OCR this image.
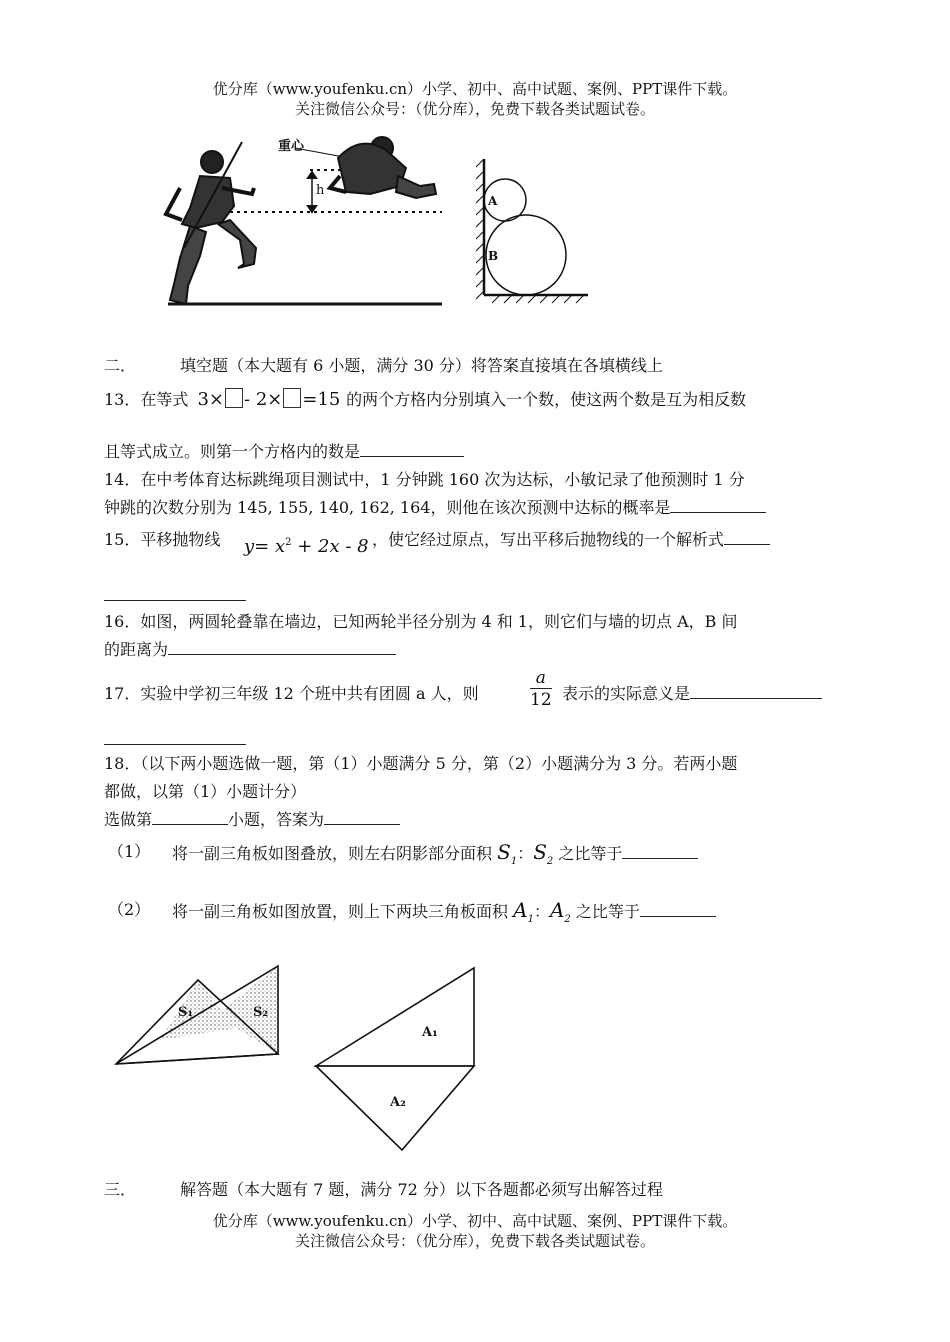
优分库（www.youfenku.cn）小学、初中、高中试题、案例、PPT课件下载。
关注微信公众号：（优分库），免费下载各类试题试卷。
重心
h
A
B
二．	填空题（本大题有 6 小题，满分 30 分）将答案直接填在各填横线上
13．在等式 3× - 2× =15 的两个方格内分别填入一个数，使这两个数是互为相反数
且等式成立。则第一个方格内的数是
14．在中考体育达标跳绳项目测试中，1 分钟跳 160 次为达标，小敏记录了他预测时 1 分
钟跳的次数分别为 145, 155, 140, 162, 164，则他在该次预测中达标的概率是
15．平移抛物线 $y= x^2 + 2x - 8$ ，使它经过原点，写出平移后抛物线的一个解析式
16．如图，两圆轮叠靠在墙边，已知两轮半径分别为 4 和 1，则它们与墙的切点 A，B 间
的距离为
17．实验中学初三年级 12 个班中共有团圆 a 人，则	$\frac{a}{12}$ 表示的实际意义是
18．（以下两小题选做一题，第（1）小题满分 5 分，第（2）小题满分为 3 分。若两小题
都做，以第（1）小题计分）
选做第	小题，答案为
（1） 将一副三角板如图叠放，则左右阴影部分面积 $S_1$：$S_2$ 之比等于
（2） 将一副三角板如图放置，则上下两块三角板面积 $A_1$：$A_2$ 之比等于
S₁	S₂
A₁
A₂
三．	解答题（本大题有 7 题，满分 72 分）以下各题都必须写出解答过程
优分库（www.youfenku.cn）小学、初中、高中试题、案例、PPT课件下载。
关注微信公众号：（优分库），免费下载各类试题试卷。
